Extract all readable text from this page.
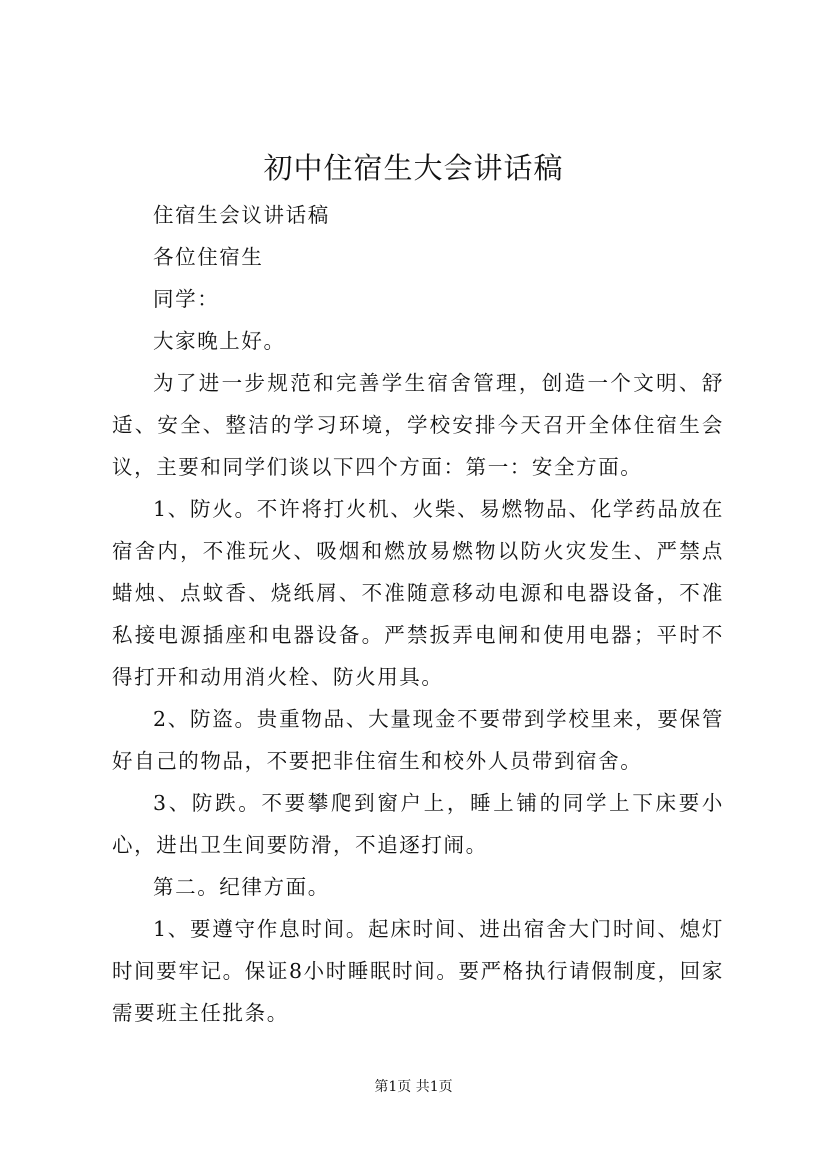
初中住宿生大会讲话稿

住宿生会议讲话稿

各位住宿生

同学：

大家晚上好。

为了进一步规范和完善学生宿舍管理，创造一个文明、舒适、安全、整洁的学习环境，学校安排今天召开全体住宿生会议，主要和同学们谈以下四个方面：第一：安全方面。

1、防火。不许将打火机、火柴、易燃物品、化学药品放在宿舍内，不准玩火、吸烟和燃放易燃物以防火灾发生、严禁点蜡烛、点蚊香、烧纸屑、不准随意移动电源和电器设备，不准私接电源插座和电器设备。严禁扳弄电闸和使用电器；平时不得打开和动用消火栓、防火用具。

2、防盗。贵重物品、大量现金不要带到学校里来，要保管好自己的物品，不要把非住宿生和校外人员带到宿舍。

3、防跌。不要攀爬到窗户上，睡上铺的同学上下床要小心，进出卫生间要防滑，不追逐打闹。

第二。纪律方面。

1、要遵守作息时间。起床时间、进出宿舍大门时间、熄灯时间要牢记。保证8小时睡眠时间。要严格执行请假制度，回家需要班主任批条。

第1页 共1页
